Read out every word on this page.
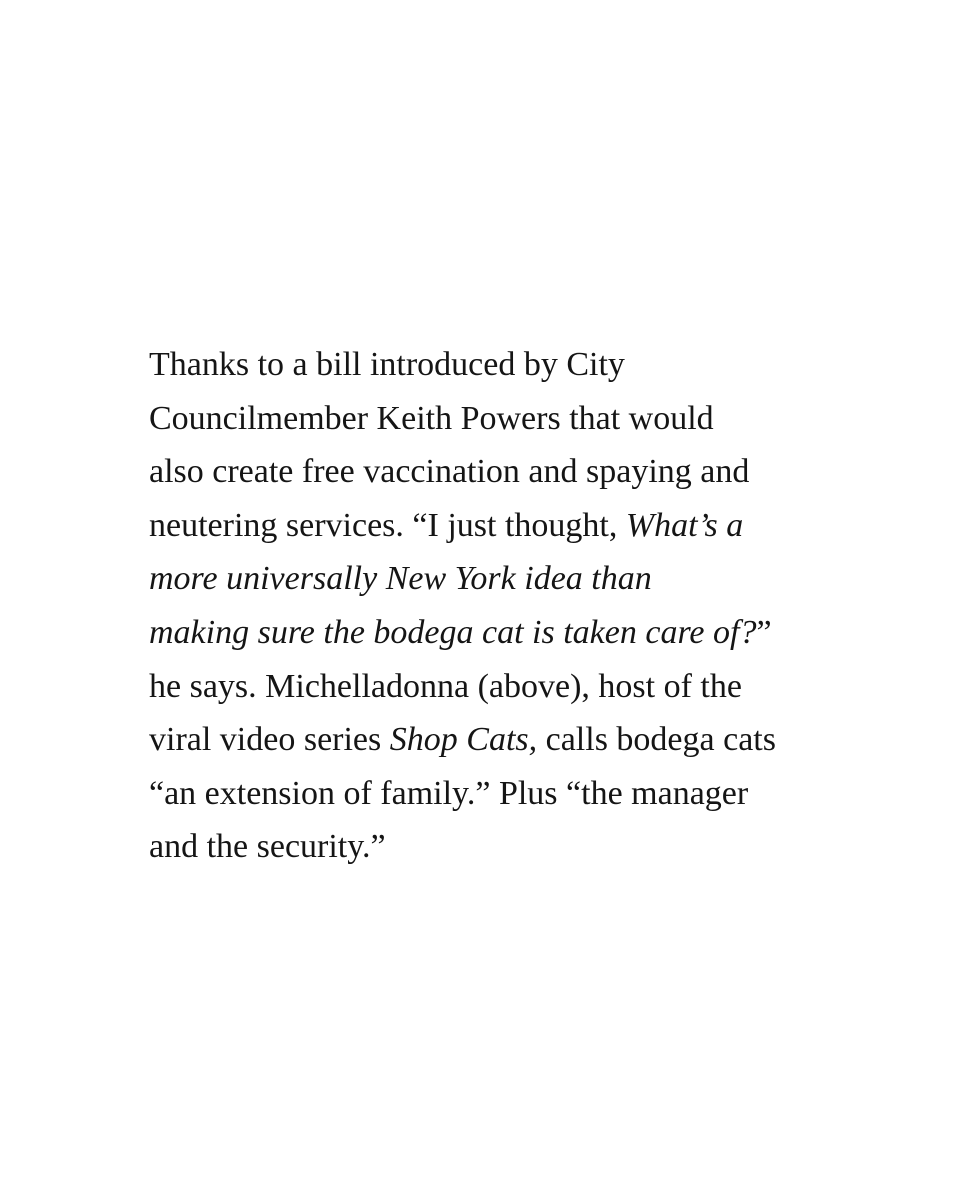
Thanks to a bill introduced by City
Councilmember Keith Powers that would
also create free vaccination and spaying and
neutering services. “I just thought, What’s a
more universally New York idea than
making sure the bodega cat is taken care of?”
he says. Michelladonna (above), host of the
viral video series Shop Cats, calls bodega cats
“an extension of family.” Plus “the manager
and the security.”
